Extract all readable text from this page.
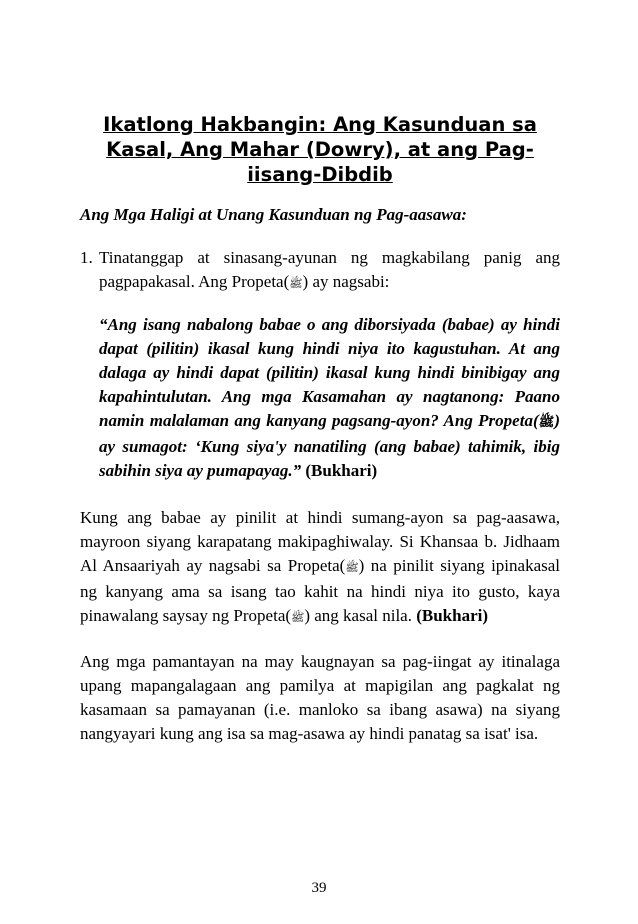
Ikatlong Hakbangin: Ang Kasunduan sa
Kasal, Ang Mahar (Dowry), at ang Pag-
iisang-Dibdib
Ang Mga Haligi at Unang Kasunduan ng Pag-aasawa:
1. Tinatanggap at sinasang-ayunan ng magkabilang panig ang pagpapakasal. Ang Propeta(ﷺ) ay nagsabi:
“Ang isang nabalong babae o ang diborsiyada (babae) ay hindi dapat (pilitin) ikasal kung hindi niya ito kagustuhan. At ang dalaga ay hindi dapat (pilitin) ikasal kung hindi binibigay ang kapahintulutan. Ang mga Kasamahan ay nagtanong: Paano namin malalaman ang kanyang pagsang-ayon? Ang Propeta(ﷺ) ay sumagot: ‘Kung siya'y nanatiling (ang babae) tahimik, ibig sabihin siya ay pumapayag.” (Bukhari)
Kung ang babae ay pinilit at hindi sumang-ayon sa pag-aasawa, mayroon siyang karapatang makipaghiwalay. Si Khansaa b. Jidhaam Al Ansaariyah ay nagsabi sa Propeta(ﷺ) na pinilit siyang ipinakasal ng kanyang ama sa isang tao kahit na hindi niya ito gusto, kaya pinawalang saysay ng Propeta(ﷺ) ang kasal nila. (Bukhari)
Ang mga pamantayan na may kaugnayan sa pag-iingat ay itinalaga upang mapangalagaan ang pamilya at mapigilan ang pagkalat ng kasamaan sa pamayanan (i.e. manloko sa ibang asawa) na siyang nangyayari kung ang isa sa mag-asawa ay hindi panatag sa isat' isa.
39
